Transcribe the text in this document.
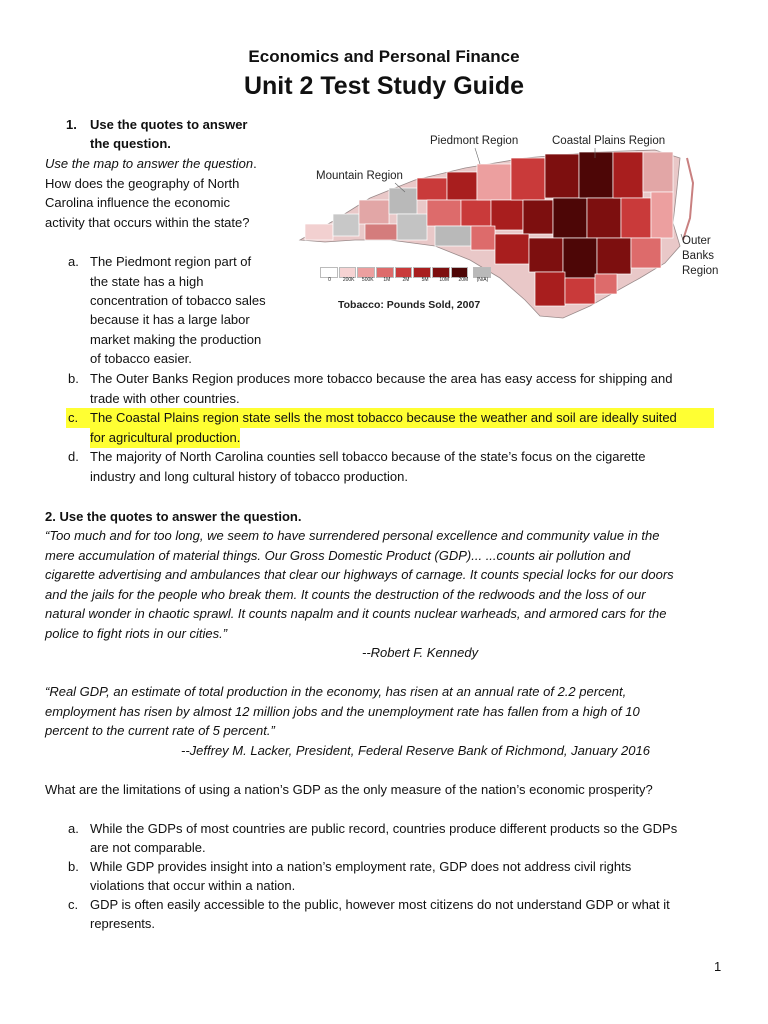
Economics and Personal Finance
Unit 2 Test Study Guide
1. Use the quotes to answer
the question.
Use the map to answer the question.
How does the geography of North
Carolina influence the economic
activity that occurs within the state?
a. The Piedmont region part of
the state has a high
concentration of tobacco sales
because it has a large labor
market making the production
of tobacco easier.
b. The Outer Banks Region produces more tobacco because the area has easy access for shipping and
trade with other countries.
c. The Coastal Plains region state sells the most tobacco because the weather and soil are ideally suited

for agricultural production.
d. The majority of North Carolina counties sell tobacco because of the state’s focus on the cigarette
industry and long cultural history of tobacco production.
0 200K 500K 1M 2M 5M 10M 20M (N/A)
Tobacco: Pounds Sold, 2007
Piedmont Region	Coastal Plains Region
Mountain Region
Outer
Banks
Region
2. Use the quotes to answer the question.
“Too much and for too long, we seem to have surrendered personal excellence and community value in the
mere accumulation of material things. Our Gross Domestic Product (GDP)... ...counts air pollution and
cigarette advertising and ambulances that clear our highways of carnage. It counts special locks for our doors
and the jails for the people who break them. It counts the destruction of the redwoods and the loss of our
natural wonder in chaotic sprawl. It counts napalm and it counts nuclear warheads, and armored cars for the
police to fight riots in our cities.”
--Robert F. Kennedy
“Real GDP, an estimate of total production in the economy, has risen at an annual rate of 2.2 percent,
employment has risen by almost 12 million jobs and the unemployment rate has fallen from a high of 10
percent to the current rate of 5 percent.”
--Jeffrey M. Lacker, President, Federal Reserve Bank of Richmond, January 2016
What are the limitations of using a nation’s GDP as the only measure of the nation’s economic prosperity?
a. While the GDPs of most countries are public record, countries produce different products so the GDPs
are not comparable.
b. While GDP provides insight into a nation’s employment rate, GDP does not address civil rights
violations that occur within a nation.
c. GDP is often easily accessible to the public, however most citizens do not understand GDP or what it
represents.
1
